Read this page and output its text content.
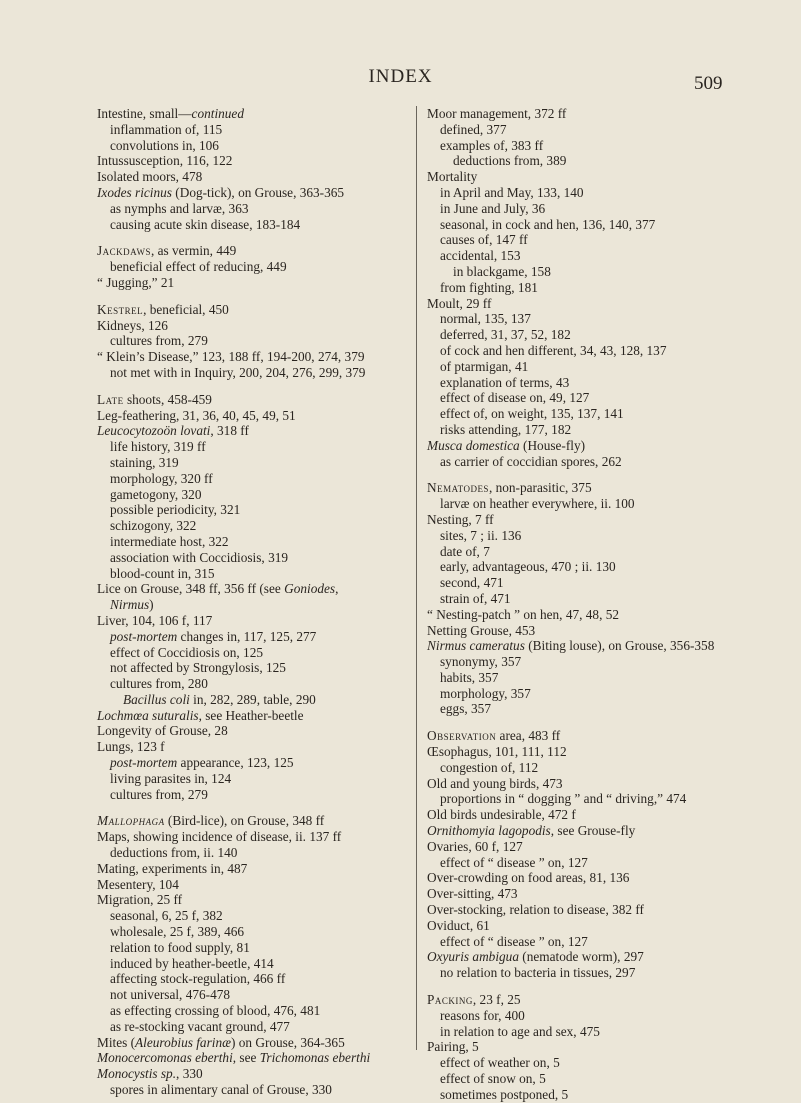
INDEX	509
Intestine, small—continued
inflammation of, 115
convolutions in, 106
Intussusception, 116, 122
Isolated moors, 478
Ixodes ricinus (Dog-tick), on Grouse, 363-365
as nymphs and larvæ, 363
causing acute skin disease, 183-184
Jackdaws, as vermin, 449
beneficial effect of reducing, 449
“ Jugging,” 21
Kestrel, beneficial, 450
Kidneys, 126
cultures from, 279
“ Klein’s Disease,” 123, 188 ff, 194-200, 274, 379
not met with in Inquiry, 200, 204, 276, 299, 379
Late shoots, 458-459
Leg-feathering, 31, 36, 40, 45, 49, 51
Leucocytozoön lovati, 318 ff
life history, 319 ff
staining, 319
morphology, 320 ff
gametogony, 320
possible periodicity, 321
schizogony, 322
intermediate host, 322
association with Coccidiosis, 319
blood-count in, 315
Lice on Grouse, 348 ff, 356 ff (see Goniodes,
Nirmus)
Liver, 104, 106 f, 117
post-mortem changes in, 117, 125, 277
effect of Coccidiosis on, 125
not affected by Strongylosis, 125
cultures from, 280
Bacillus coli in, 282, 289, table, 290
Lochmœa suturalis, see Heather-beetle
Longevity of Grouse, 28
Lungs, 123 f
post-mortem appearance, 123, 125
living parasites in, 124
cultures from, 279
Mallophaga (Bird-lice), on Grouse, 348 ff
Maps, showing incidence of disease, ii. 137 ff
deductions from, ii. 140
Mating, experiments in, 487
Mesentery, 104
Migration, 25 ff
seasonal, 6, 25 f, 382
wholesale, 25 f, 389, 466
relation to food supply, 81
induced by heather-beetle, 414
affecting stock-regulation, 466 ff
not universal, 476-478
as effecting crossing of blood, 476, 481
as re-stocking vacant ground, 477
Mites (Aleurobius farinæ) on Grouse, 364-365
Monocercomonas eberthi, see Trichomonas eberthi
Monocystis sp., 330
spores in alimentary canal of Grouse, 330
Moor management, 372 ff
defined, 377
examples of, 383 ff
deductions from, 389
Mortality
in April and May, 133, 140
in June and July, 36
seasonal, in cock and hen, 136, 140, 377
causes of, 147 ff
accidental, 153
in blackgame, 158
from fighting, 181
Moult, 29 ff
normal, 135, 137
deferred, 31, 37, 52, 182
of cock and hen different, 34, 43, 128, 137
of ptarmigan, 41
explanation of terms, 43
effect of disease on, 49, 127
effect of, on weight, 135, 137, 141
risks attending, 177, 182
Musca domestica (House-fly)
as carrier of coccidian spores, 262
Nematodes, non-parasitic, 375
larvæ on heather everywhere, ii. 100
Nesting, 7 ff
sites, 7 ; ii. 136
date of, 7
early, advantageous, 470 ; ii. 130
second, 471
strain of, 471
“ Nesting-patch ” on hen, 47, 48, 52
Netting Grouse, 453
Nirmus cameratus (Biting louse), on Grouse, 356-358
synonymy, 357
habits, 357
morphology, 357
eggs, 357
Observation area, 483 ff
Œsophagus, 101, 111, 112
congestion of, 112
Old and young birds, 473
proportions in “ dogging ” and “ driving,” 474
Old birds undesirable, 472 f
Ornithomyia lagopodis, see Grouse-fly
Ovaries, 60 f, 127
effect of “ disease ” on, 127
Over-crowding on food areas, 81, 136
Over-sitting, 473
Over-stocking, relation to disease, 382 ff
Oviduct, 61
effect of “ disease ” on, 127
Oxyuris ambigua (nematode worm), 297
no relation to bacteria in tissues, 297
Packing, 23 f, 25
reasons for, 400
in relation to age and sex, 475
Pairing, 5
effect of weather on, 5
effect of snow on, 5
sometimes postponed, 5
